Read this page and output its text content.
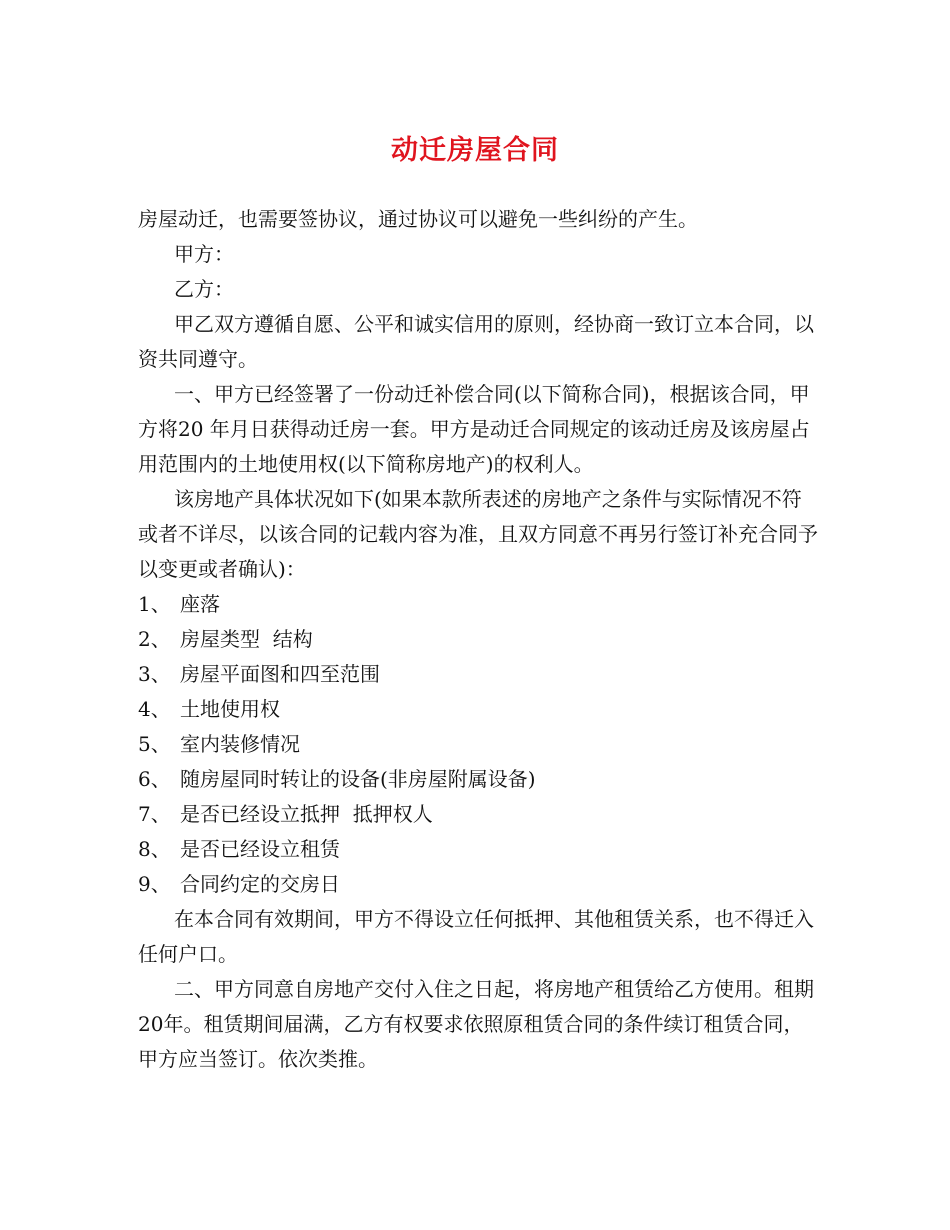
动迁房屋合同

房屋动迁，也需要签协议，通过协议可以避免一些纠纷的产生。

甲方：

乙方：

甲乙双方遵循自愿、公平和诚实信用的原则，经协商一致订立本合同，以资共同遵守。

一、甲方已经签署了一份动迁补偿合同(以下简称合同)，根据该合同，甲方将20 年月日获得动迁房一套。甲方是动迁合同规定的该动迁房及该房屋占用范围内的土地使用权(以下简称房地产)的权利人。

该房地产具体状况如下(如果本款所表述的房地产之条件与实际情况不符或者不详尽，以该合同的记载内容为准，且双方同意不再另行签订补充合同予以变更或者确认)：

1、 座落

2、 房屋类型  结构

3、 房屋平面图和四至范围

4、 土地使用权

5、 室内装修情况

6、 随房屋同时转让的设备(非房屋附属设备)

7、 是否已经设立抵押  抵押权人

8、 是否已经设立租赁

9、 合同约定的交房日

在本合同有效期间，甲方不得设立任何抵押、其他租赁关系，也不得迁入任何户口。

二、甲方同意自房地产交付入住之日起，将房地产租赁给乙方使用。租期20年。租赁期间届满，乙方有权要求依照原租赁合同的条件续订租赁合同，甲方应当签订。依次类推。
